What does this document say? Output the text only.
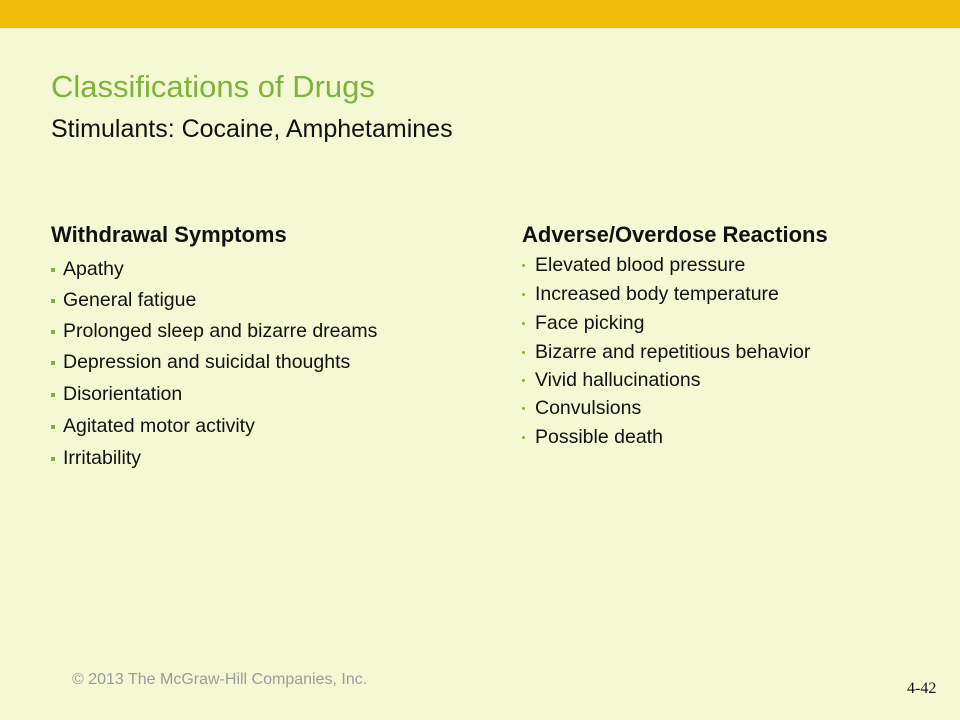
Classifications of Drugs
Stimulants: Cocaine, Amphetamines
Withdrawal Symptoms
Apathy
General fatigue
Prolonged sleep and bizarre dreams
Depression and suicidal thoughts
Disorientation
Agitated motor activity
Irritability
Adverse/Overdose Reactions
Elevated blood pressure
Increased body temperature
Face picking
Bizarre and repetitious behavior
Vivid hallucinations
Convulsions
Possible death
© 2013 The McGraw-Hill Companies, Inc.
4-42
